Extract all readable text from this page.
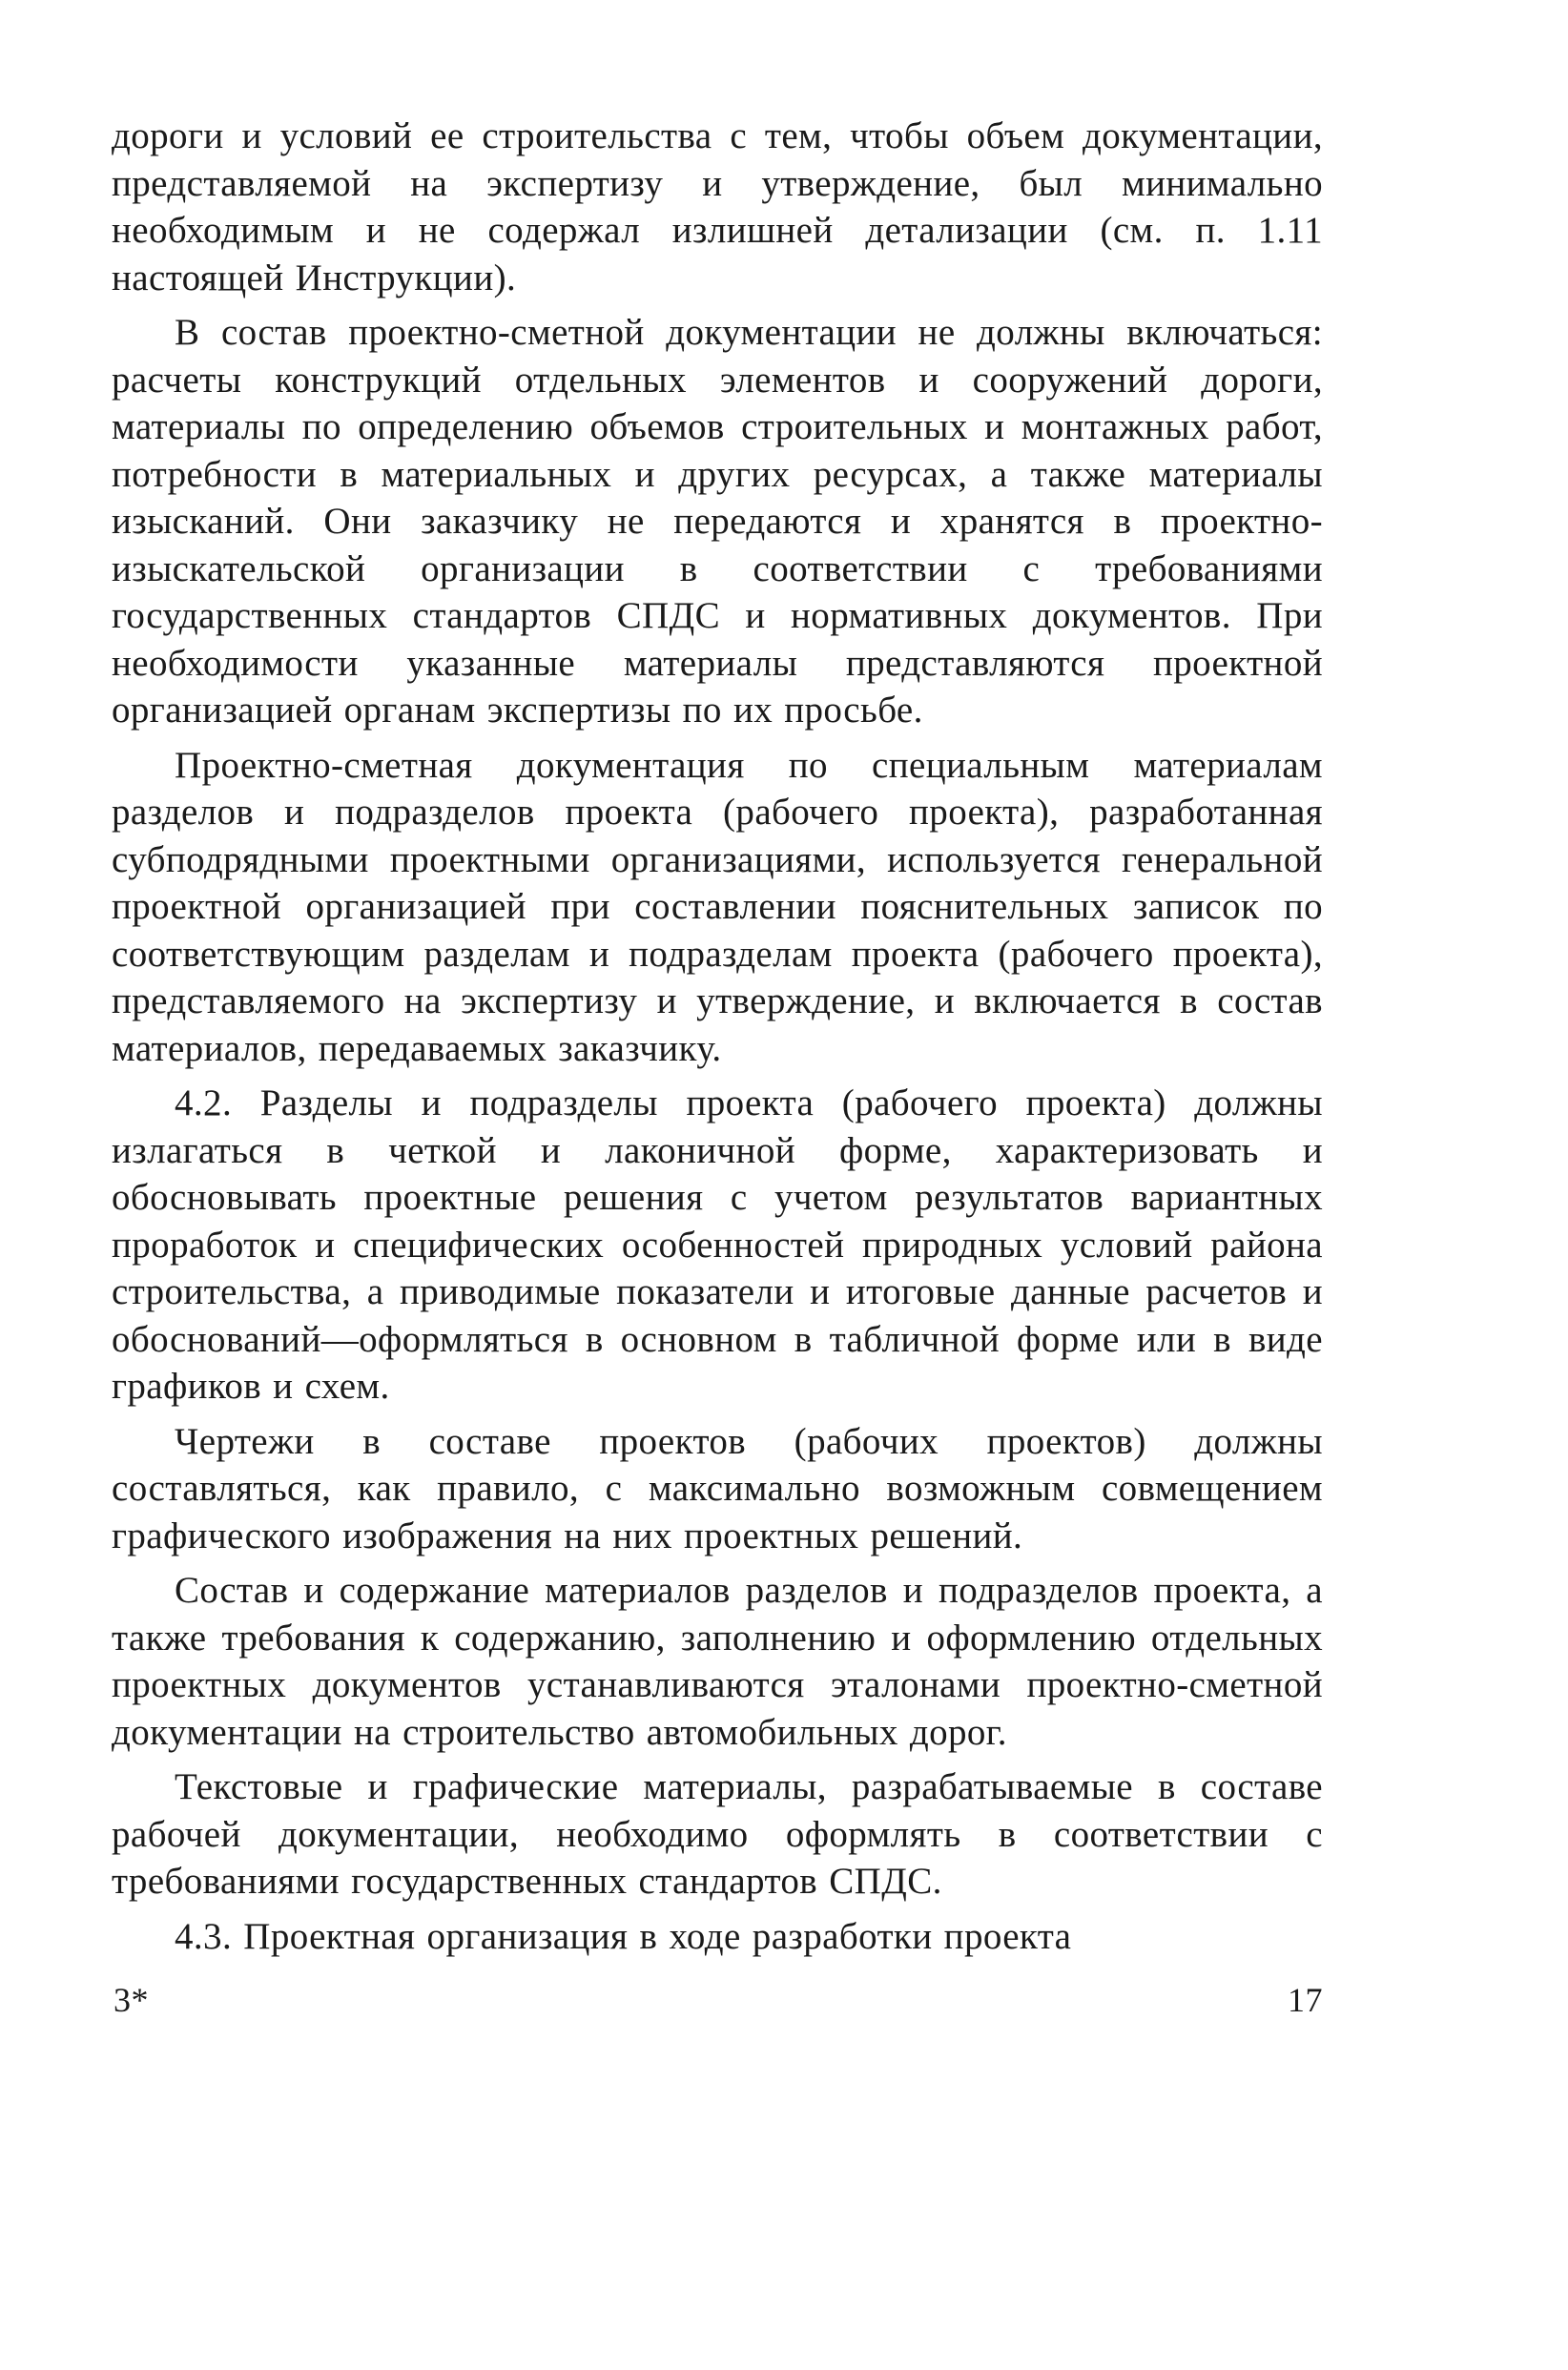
дороги и условий ее строительства с тем, чтобы объем документации, представляемой на экспертизу и утверждение, был минимально необходимым и не содержал излишней детализации (см. п. 1.11 настоящей Инструкции).

В состав проектно-сметной документации не должны включаться: расчеты конструкций отдельных элементов и сооружений дороги, материалы по определению объемов строительных и монтажных работ, потребности в материальных и других ресурсах, а также материалы изысканий. Они заказчику не передаются и хранятся в проектно-изыскательской организации в соответствии с требованиями государственных стандартов СПДС и нормативных документов. При необходимости указанные материалы представляются проектной организацией органам экспертизы по их просьбе.

Проектно-сметная документация по специальным материалам разделов и подразделов проекта (рабочего проекта), разработанная субподрядными проектными организациями, используется генеральной проектной организацией при составлении пояснительных записок по соответствующим разделам и подразделам проекта (рабочего проекта), представляемого на экспертизу и утверждение, и включается в состав материалов, передаваемых заказчику.

4.2. Разделы и подразделы проекта (рабочего проекта) должны излагаться в четкой и лаконичной форме, характеризовать и обосновывать проектные решения с учетом результатов вариантных проработок и специфических особенностей природных условий района строительства, а приводимые показатели и итоговые данные расчетов и обоснований—оформляться в основном в табличной форме или в виде графиков и схем.

Чертежи в составе проектов (рабочих проектов) должны составляться, как правило, с максимально возможным совмещением графического изображения на них проектных решений.

Состав и содержание материалов разделов и подразделов проекта, а также требования к содержанию, заполнению и оформлению отдельных проектных документов устанавливаются эталонами проектно-сметной документации на строительство автомобильных дорог.

Текстовые и графические материалы, разрабатываемые в составе рабочей документации, необходимо оформлять в соответствии с требованиями государственных стандартов СПДС.

4.3. Проектная организация в ходе разработки проекта

3*	17
